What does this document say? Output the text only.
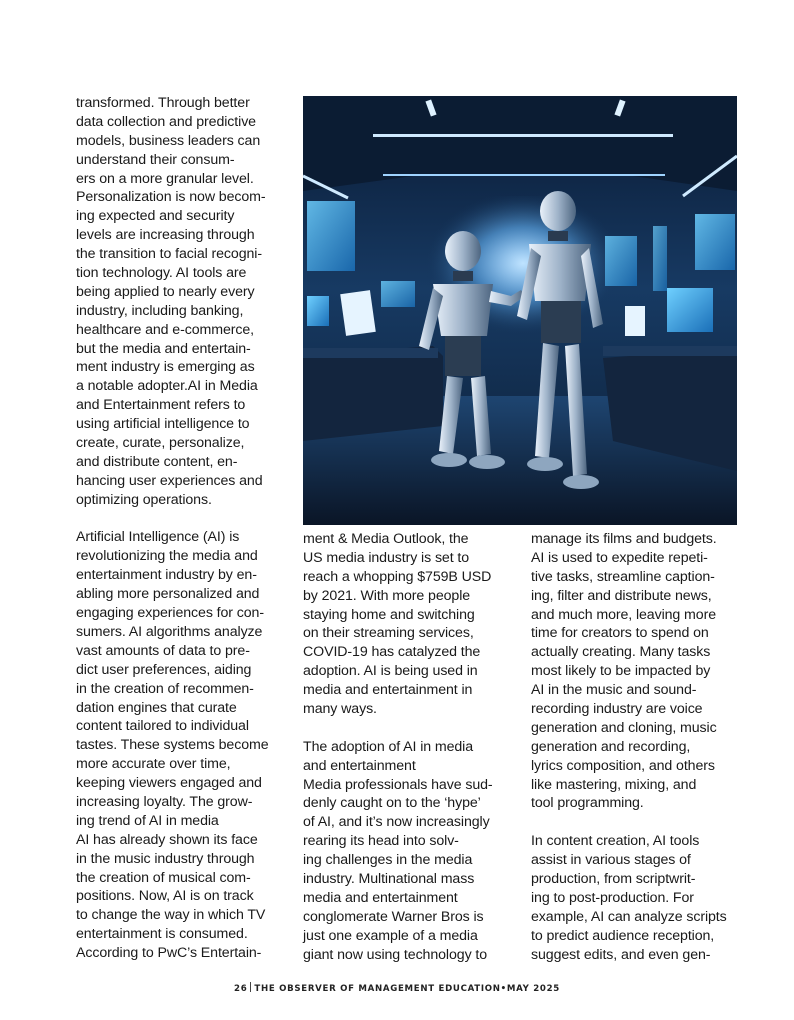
transformed. Through better
data collection and predictive
models, business leaders can
understand their consum-
ers on a more granular level.
Personalization is now becom-
ing expected and security
levels are increasing through
the transition to facial recogni-
tion technology. AI tools are
being applied to nearly every
industry, including banking,
healthcare and e-commerce,
but the media and entertain-
ment industry is emerging as
a notable adopter.AI in Media
and Entertainment refers to
using artificial intelligence to
create, curate, personalize,
and distribute content, en-
hancing user experiences and
optimizing operations.
Artificial Intelligence (AI) is
revolutionizing the media and
entertainment industry by en-
abling more personalized and
engaging experiences for con-
sumers. AI algorithms analyze
vast amounts of data to pre-
dict user preferences, aiding
in the creation of recommen-
dation engines that curate
content tailored to individual
tastes. These systems become
more accurate over time,
keeping viewers engaged and
increasing loyalty. The grow-
ing trend of AI in media
AI has already shown its face
in the music industry through
the creation of musical com-
positions. Now, AI is on track
to change the way in which TV
entertainment is consumed.
According to PwC’s Entertain-
ment & Media Outlook, the
US media industry is set to
reach a whopping $759B USD
by 2021. With more people
staying home and switching
on their streaming services,
COVID-19 has catalyzed the
adoption. AI is being used in
media and entertainment in
many ways.
The adoption of AI in media
and entertainment
Media professionals have sud-
denly caught on to the ‘hype’
of AI, and it’s now increasingly
rearing its head into solv-
ing challenges in the media
industry. Multinational mass
media and entertainment
conglomerate Warner Bros is
just one example of a media
giant now using technology to
manage its films and budgets.
AI is used to expedite repeti-
tive tasks, streamline caption-
ing, filter and distribute news,
and much more, leaving more
time for creators to spend on
actually creating. Many tasks
most likely to be impacted by
AI in the music and sound-
recording industry are voice
generation and cloning, music
generation and recording,
lyrics composition, and others
like mastering, mixing, and
tool programming.
In content creation, AI tools
assist in various stages of
production, from scriptwrit-
ing to post-production. For
example, AI can analyze scripts
to predict audience reception,
suggest edits, and even gen-
26 THE OBSERVER OF MANAGEMENT EDUCATION•MAY 2025
